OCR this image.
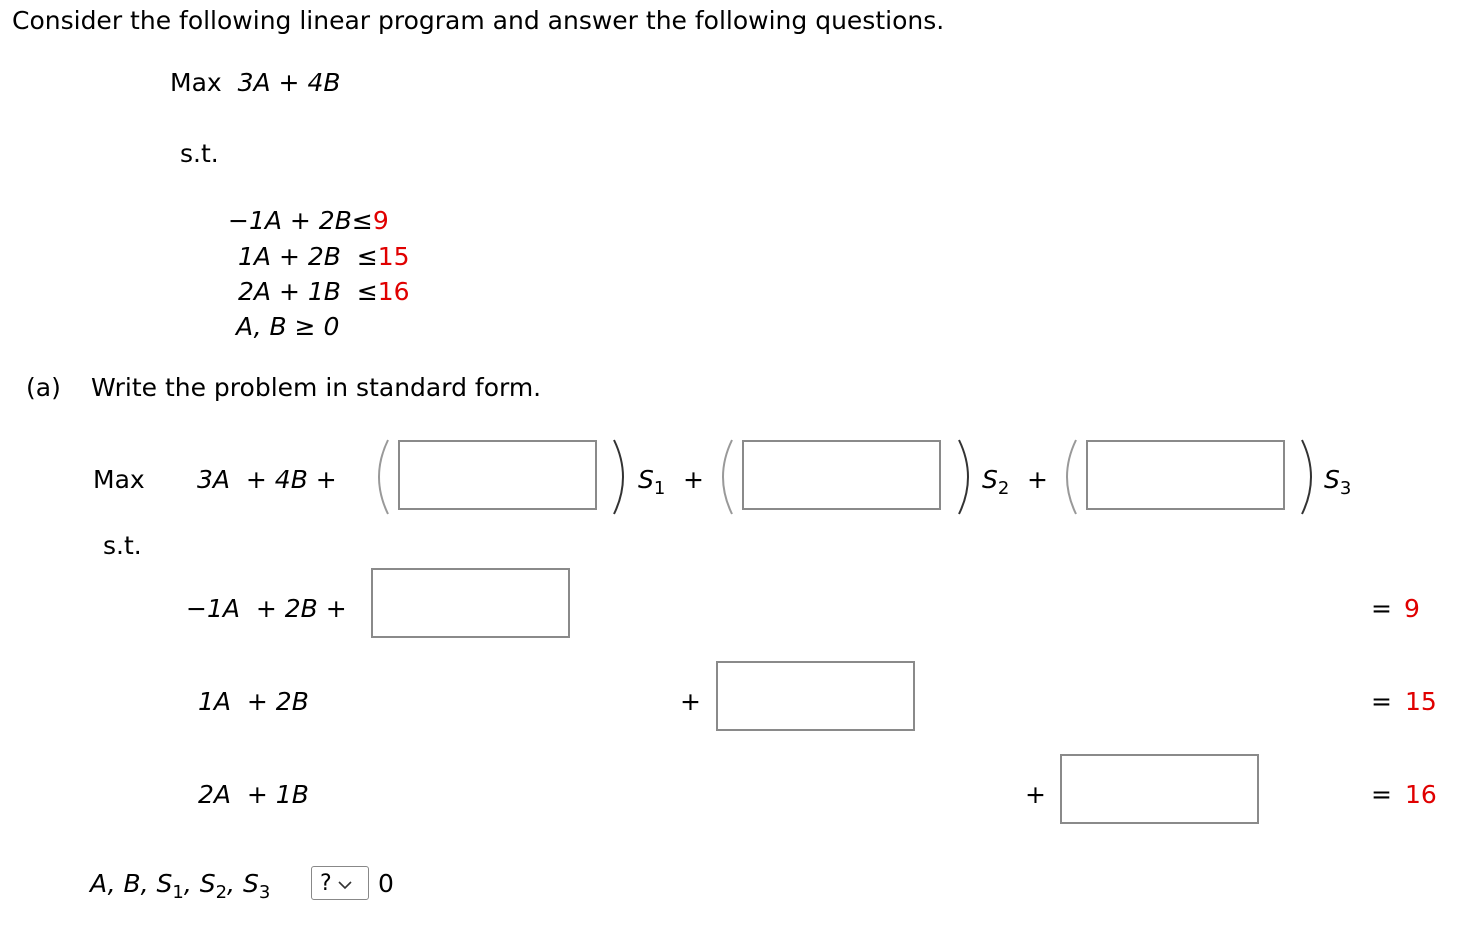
Consider the following linear program and answer the following questions.
Max 3A + 4B
s.t.
−1A + 2B≤9
1A + 2B ≤15
2A + 1B ≤16
A, B ≥ 0
(a) Write the problem in standard form.
Max 3A  + 4B +	$S_1$ +	$S_2$ +	$S_3$
s.t.
−1A  + 2B +	= 9
1A  + 2B	+	= 15
2A  + 1B	+	= 16
A, B, $S_1$, $S_2$, $S_3$	? 0
